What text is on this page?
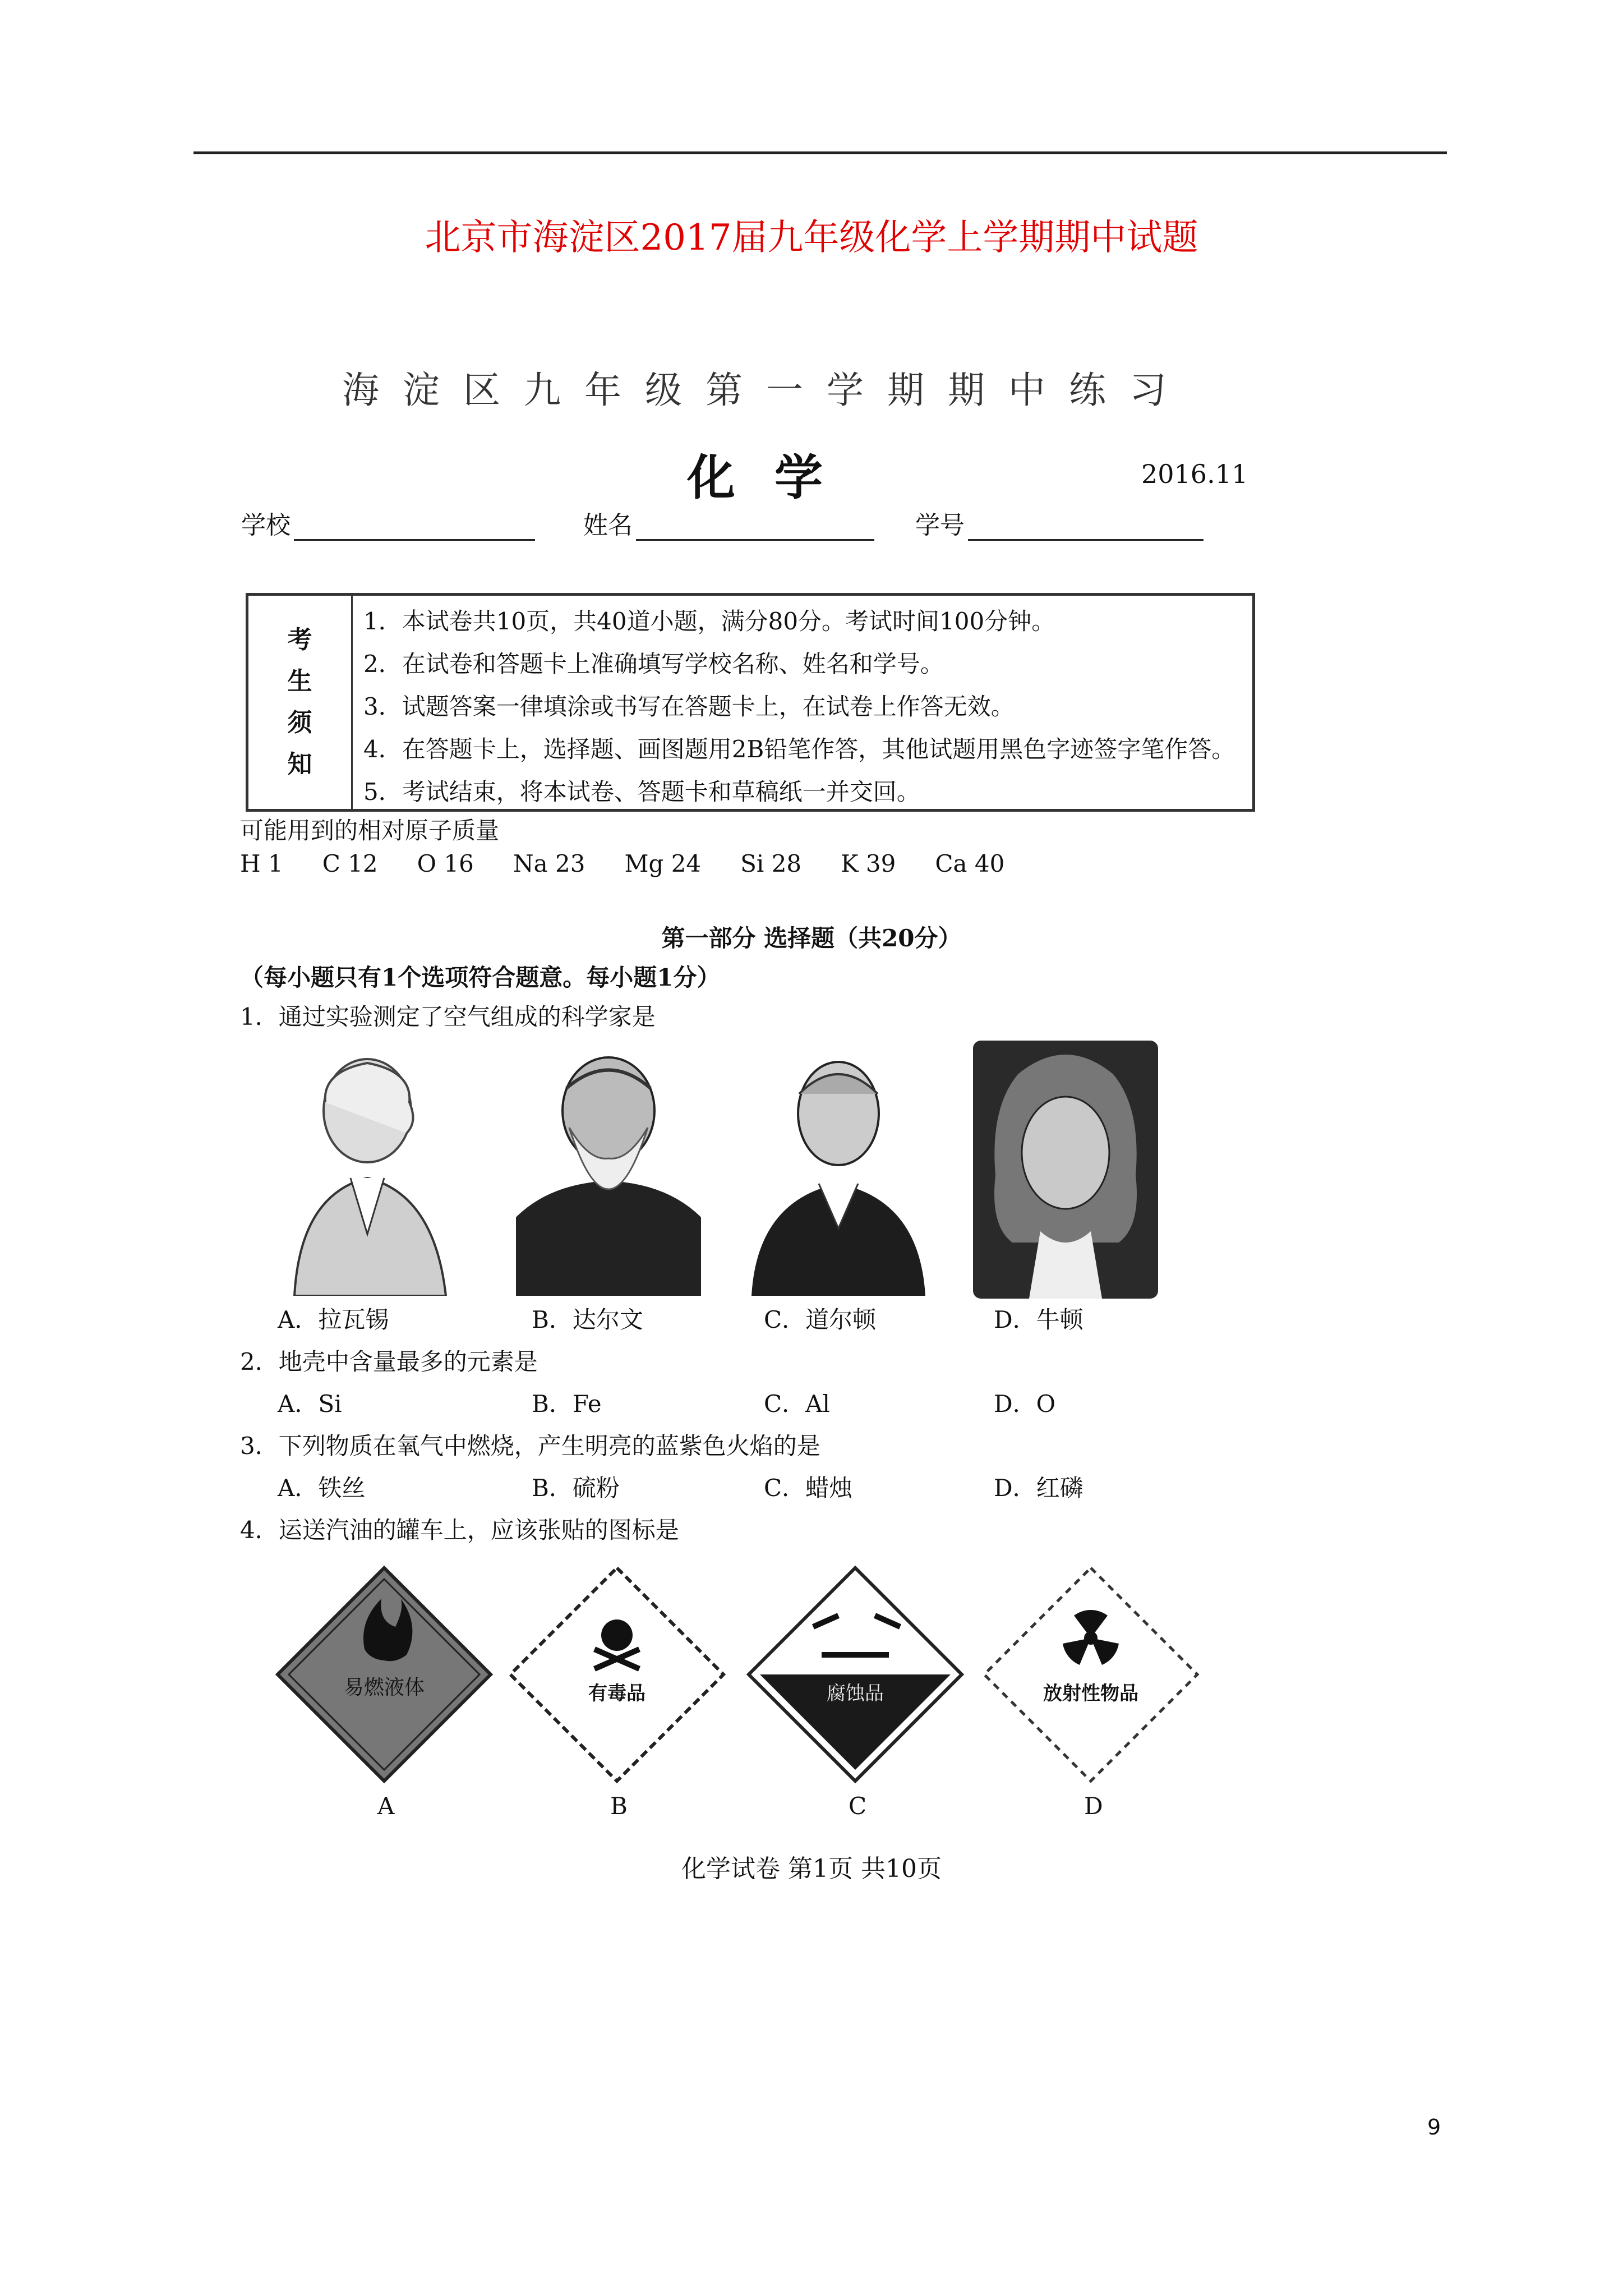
北京市海淀区2017届九年级化学上学期期中试题
海淀区九年级第一学期期中练习
化学	2016.11
学校	姓名	学号
考
生
须
知
1．本试卷共10页，共40道小题，满分80分。考试时间100分钟。
2．在试卷和答题卡上准确填写学校名称、姓名和学号。
3．试题答案一律填涂或书写在答题卡上，在试卷上作答无效。
4．在答题卡上，选择题、画图题用2B铅笔作答，其他试题用黑色字迹签字笔作答。
5．考试结束，将本试卷、答题卡和草稿纸一并交回。
可能用到的相对原子质量
H 1 C 12 O 16 Na 23 Mg 24 Si 28 K 39 Ca 40
第一部分 选择题（共20分）
（每小题只有1个选项符合题意。每小题1分）
1．通过实验测定了空气组成的科学家是
A．拉瓦锡	B．达尔文	C．道尔顿	D．牛顿
2．地壳中含量最多的元素是
A．Si	B．Fe	C．Al	D．O
3．下列物质在氧气中燃烧，产生明亮的蓝紫色火焰的是
A．铁丝	B．硫粉	C．蜡烛	D．红磷
4．运送汽油的罐车上，应该张贴的图标是
易燃液体	有毒品	腐蚀品	放射性物品
A	B	C	D
化学试卷 第1页 共10页
9
